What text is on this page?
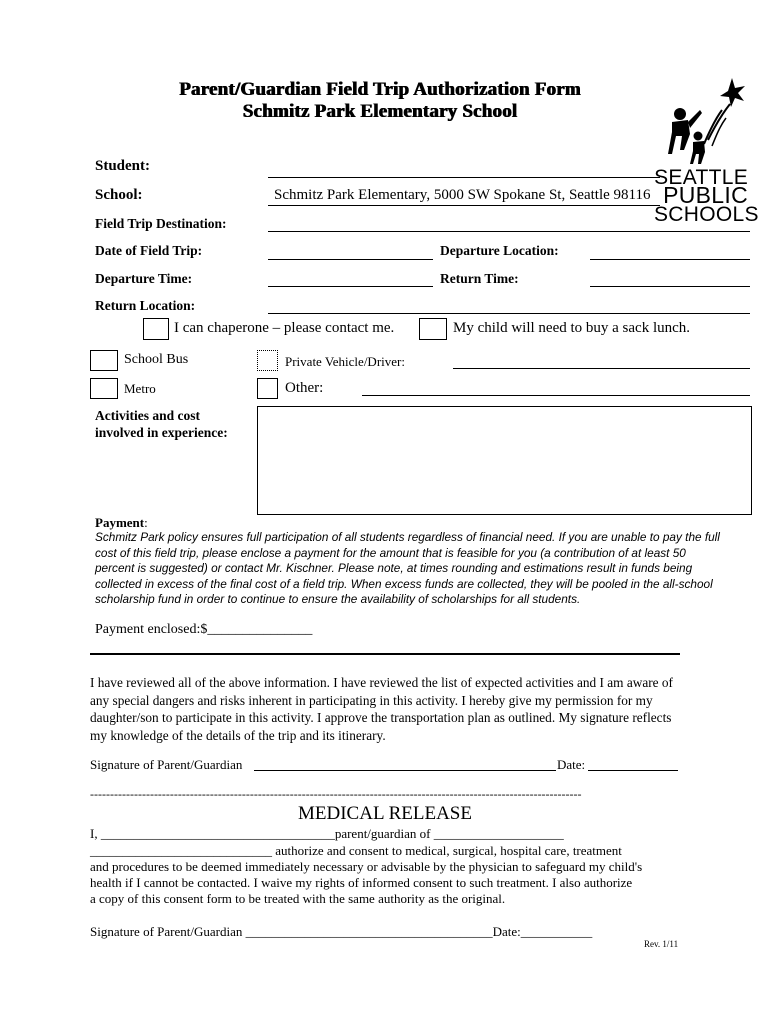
Parent/Guardian Field Trip Authorization Form
Schmitz Park Elementary School
SEATTLE
PUBLIC
SCHOOLS
Student:
School:	Schmitz Park Elementary, 5000 SW Spokane St, Seattle 98116
Field Trip Destination:
Date of Field Trip:	Departure Location:
Departure Time:	Return Time:
Return Location:
I can chaperone – please contact me.	My child will need to buy a sack lunch.
School Bus	Private Vehicle/Driver:
Metro	Other:
Activities and cost
involved in experience:
Payment:
Schmitz Park policy ensures full participation of all students regardless of financial need. If you are unable to pay the full cost of this field trip, please enclose a payment for the amount that is feasible for you (a contribution of at least 50 percent is suggested) or contact Mr. Kischner. Please note, at times rounding and estimations result in funds being collected in excess of the final cost of a field trip. When excess funds are collected, they will be pooled in the all-school scholarship fund in order to continue to ensure the availability of scholarships for all students.
Payment enclosed:$_______________
I have reviewed all of the above information. I have reviewed the list of expected activities and I am aware of any special dangers and risks inherent in participating in this activity. I hereby give my permission for my daughter/son to participate in this activity. I approve the transportation plan as outlined. My signature reflects my knowledge of the details of the trip and its itinerary.
Signature of Parent/Guardian	Date:
---------------------------------------------------------------------------------------------------------------------------
MEDICAL RELEASE
I, ____________________________________parent/guardian of ____________________
____________________________ authorize and consent to medical, surgical, hospital care, treatment
and procedures to be deemed immediately necessary or advisable by the physician to safeguard my child's
health if I cannot be contacted. I waive my rights of informed consent to such treatment. I also authorize
a copy of this consent form to be treated with the same authority as the original.
Signature of Parent/Guardian ______________________________________Date:___________
Rev. 1/11
